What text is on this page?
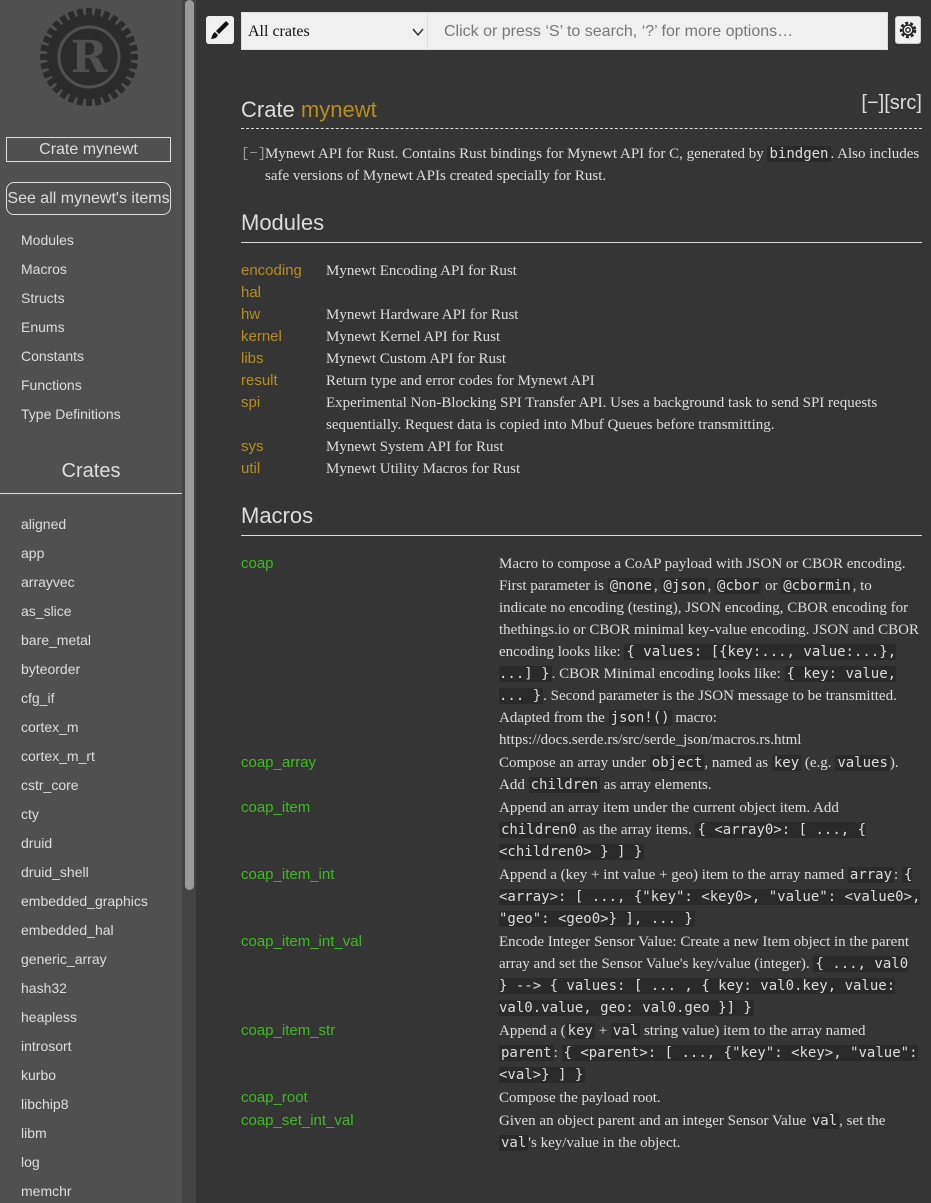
R
Crate mynewt
See all mynewt's items
Modules
Macros
Structs
Enums
Constants
Functions
Type Definitions
Crates
aligned
app
arrayvec
as_slice
bare_metal
byteorder
cfg_if
cortex_m
cortex_m_rt
cstr_core
cty
druid
druid_shell
embedded_graphics
embedded_hal
generic_array
hash32
heapless
introsort
kurbo
libchip8
libm
log
memchr
All crates	Click or press ‘S’ to search, ‘?’ for more options…
Crate mynewt	[−][src]
[−]
Mynewt API for Rust. Contains Rust bindings for Mynewt API for C, generated by bindgen . Also includes safe versions of Mynewt APIs created specially for Rust.
Modules
encoding	Mynewt Encoding API for Rust
hal	
hw	Mynewt Hardware API for Rust
kernel	Mynewt Kernel API for Rust
libs	Mynewt Custom API for Rust
result	Return type and error codes for Mynewt API
spi	Experimental Non-Blocking SPI Transfer API. Uses a background task to send SPI requests sequentially. Request data is copied into Mbuf Queues before transmitting.
sys	Mynewt System API for Rust
util	Mynewt Utility Macros for Rust
Macros
coap	Macro to compose a CoAP payload with JSON or CBOR encoding. First parameter is @none , @json , @cbor or @cbormin , to indicate no encoding (testing), JSON encoding, CBOR encoding for thethings.io or CBOR minimal key-value encoding. JSON and CBOR encoding looks like: { values: [{key:..., value:...}, ...] } . CBOR Minimal encoding looks like: { key: value, ... } . Second parameter is the JSON message to be transmitted. Adapted from the json!() macro: https://docs.serde.rs/src/serde_json/macros.rs.html
coap_array	Compose an array under object , named as key (e.g. values ). Add children as array elements.
coap_item	Append an array item under the current object item. Add children0 as the array items. { <array0>: [ ..., { <children0> } ] }
coap_item_int	Append a (key + int value + geo) item to the array named array : { <array>: [ ..., {"key": <key0>, "value": <value0>, "geo": <geo0>} ], ... }
coap_item_int_val	Encode Integer Sensor Value: Create a new Item object in the parent array and set the Sensor Value's key/value (integer). { ..., val0 } --> { values: [ ... , { key: val0.key, value: val0.value, geo: val0.geo }] }
coap_item_str	Append a ( key + val string value) item to the array named parent : { <parent>: [ ..., {"key": <key>, "value": <val>} ] }
coap_root	Compose the payload root.
coap_set_int_val	Given an object parent and an integer Sensor Value val , set the val 's key/value in the object.
